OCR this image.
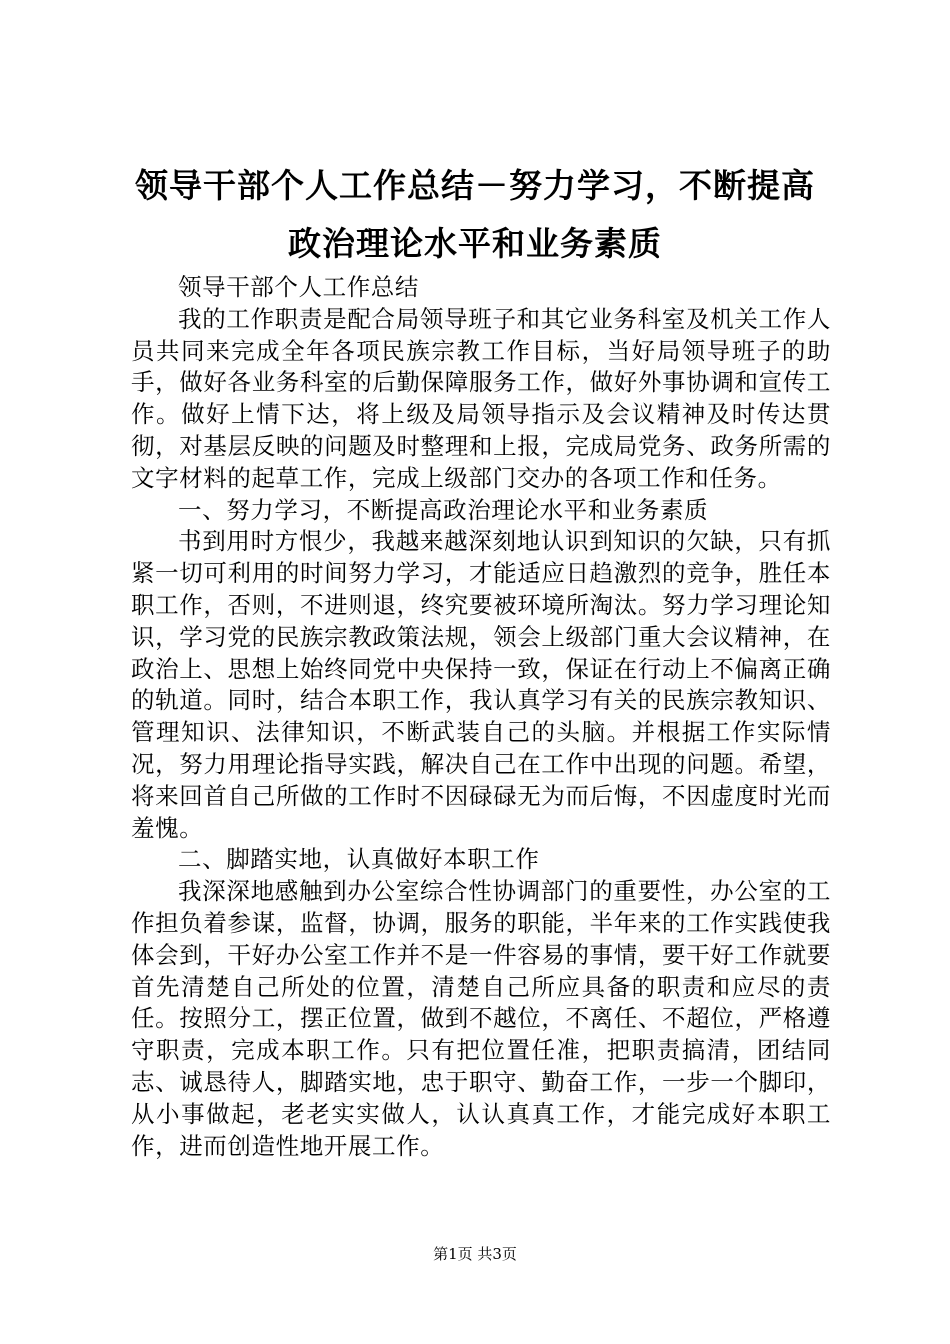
领导干部个人工作总结－努力学习，不断提高
政治理论水平和业务素质

领导干部个人工作总结

我的工作职责是配合局领导班子和其它业务科室及机关工作人员共同来完成全年各项民族宗教工作目标，当好局领导班子的助手，做好各业务科室的后勤保障服务工作，做好外事协调和宣传工作。做好上情下达，将上级及局领导指示及会议精神及时传达贯彻，对基层反映的问题及时整理和上报，完成局党务、政务所需的文字材料的起草工作，完成上级部门交办的各项工作和任务。

一、努力学习，不断提高政治理论水平和业务素质

书到用时方恨少，我越来越深刻地认识到知识的欠缺，只有抓紧一切可利用的时间努力学习，才能适应日趋激烈的竞争，胜任本职工作，否则，不进则退，终究要被环境所淘汰。努力学习理论知识，学习党的民族宗教政策法规，领会上级部门重大会议精神，在政治上、思想上始终同党中央保持一致，保证在行动上不偏离正确的轨道。同时，结合本职工作，我认真学习有关的民族宗教知识、管理知识、法律知识，不断武装自己的头脑。并根据工作实际情况，努力用理论指导实践，解决自己在工作中出现的问题。希望，将来回首自己所做的工作时不因碌碌无为而后悔，不因虚度时光而羞愧。

二、脚踏实地，认真做好本职工作

我深深地感触到办公室综合性协调部门的重要性，办公室的工作担负着参谋，监督，协调，服务的职能，半年来的工作实践使我体会到，干好办公室工作并不是一件容易的事情，要干好工作就要首先清楚自己所处的位置，清楚自己所应具备的职责和应尽的责任。按照分工，摆正位置，做到不越位，不离任、不超位，严格遵守职责，完成本职工作。只有把位置任准，把职责搞清，团结同志、诚恳待人，脚踏实地，忠于职守、勤奋工作，一步一个脚印，从小事做起，老老实实做人，认认真真工作，才能完成好本职工作，进而创造性地开展工作。

第1页 共3页
